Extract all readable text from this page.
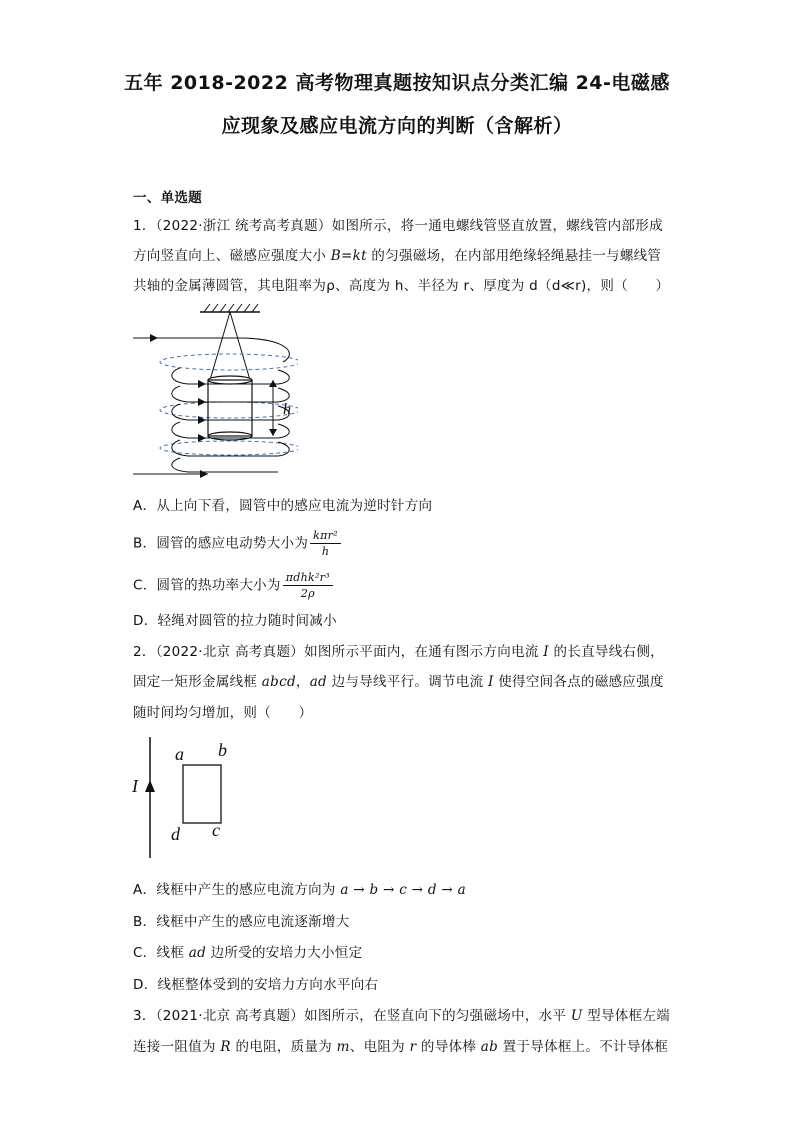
五年 2018-2022 高考物理真题按知识点分类汇编 24-电磁感
应现象及感应电流方向的判断（含解析）
一、单选题
1．（2022·浙江 统考高考真题）如图所示，将一通电螺线管竖直放置，螺线管内部形成
方向竖直向上、磁感应强度大小 B=kt 的匀强磁场，在内部用绝缘轻绳悬挂一与螺线管
共轴的金属薄圆管，其电阻率为ρ、高度为 h、半径为 r、厚度为 d（d≪r)，则（　　）
h
A．从上向下看，圆管中的感应电流为逆时针方向
B．圆管的感应电动势大小为 $\frac{\text{kπr²}}{h}$
C．圆管的热功率大小为 $\frac{\text{πdhk²r³}}{2\rho}$
D．轻绳对圆管的拉力随时间减小
2．（2022·北京 高考真题）如图所示平面内，在通有图示方向电流 I 的长直导线右侧，
固定一矩形金属线框 abcd，ad 边与导线平行。调节电流 I 使得空间各点的磁感应强度
随时间均匀增加，则（　　）
I
a b
c
d
A．线框中产生的感应电流方向为 a → b → c → d → a
B．线框中产生的感应电流逐渐增大
C．线框 ad 边所受的安培力大小恒定
D．线框整体受到的安培力方向水平向右
3．（2021·北京 高考真题）如图所示，在竖直向下的匀强磁场中，水平 U 型导体框左端
连接一阻值为 R 的电阻，质量为 m、电阻为 r 的导体棒 ab 置于导体框上。不计导体框
